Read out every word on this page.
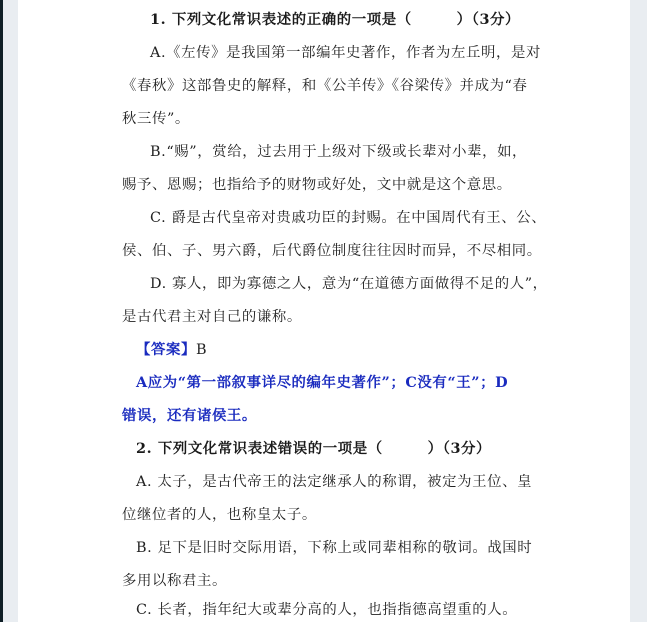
1. 下列文化常识表述的正确的一项是（　　　）（3分）
A.《左传》是我国第一部编年史著作，作者为左丘明，是对
《春秋》这部鲁史的解释，和《公羊传》《谷梁传》并成为“春
秋三传”。
B.“赐”，赏给，过去用于上级对下级或长辈对小辈，如，
赐予、恩赐；也指给予的财物或好处，文中就是这个意思。
C. 爵是古代皇帝对贵戚功臣的封赐。在中国周代有王、公、
侯、伯、子、男六爵，后代爵位制度往往因时而异，不尽相同。
D. 寡人，即为寡德之人，意为“在道德方面做得不足的人”，
是古代君主对自己的谦称。
【答案】B
A应为“第一部叙事详尽的编年史著作”；C没有“王”；D
错误，还有诸侯王。
2. 下列文化常识表述错误的一项是（　　　）（3分）
A. 太子，是古代帝王的法定继承人的称谓，被定为王位、皇
位继位者的人，也称皇太子。
B. 足下是旧时交际用语，下称上或同辈相称的敬词。战国时
多用以称君主。
C. 长者，指年纪大或辈分高的人，也指指德高望重的人。
